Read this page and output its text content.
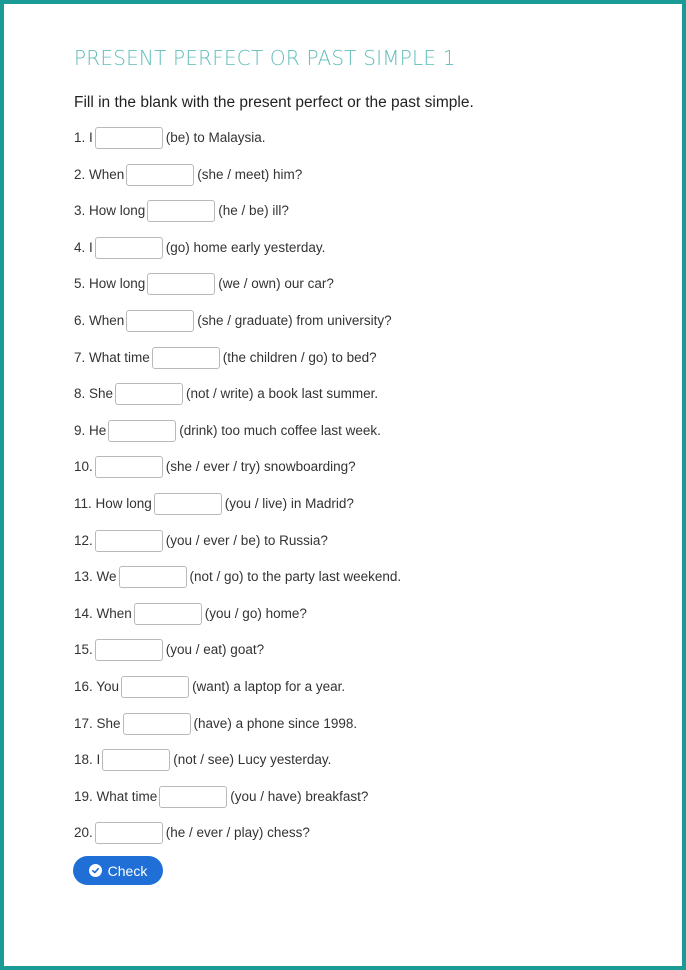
PRESENT PERFECT OR PAST SIMPLE 1

Fill in the blank with the present perfect or the past simple.

1. I	(be) to Malaysia.
2. When	(she / meet) him?
3. How long	(he / be) ill?
4. I	(go) home early yesterday.
5. How long	(we / own) our car?
6. When	(she / graduate) from university?
7. What time	(the children / go) to bed?
8. She	(not / write) a book last summer.
9. He	(drink) too much coffee last week.
10.	(she / ever / try) snowboarding?
11. How long	(you / live) in Madrid?
12.	(you / ever / be) to Russia?
13. We	(not / go) to the party last weekend.
14. When	(you / go) home?
15.	(you / eat) goat?
16. You	(want) a laptop for a year.
17. She	(have) a phone since 1998.
18. I	(not / see) Lucy yesterday.
19. What time	(you / have) breakfast?
20.	(he / ever / play) chess?
Check
